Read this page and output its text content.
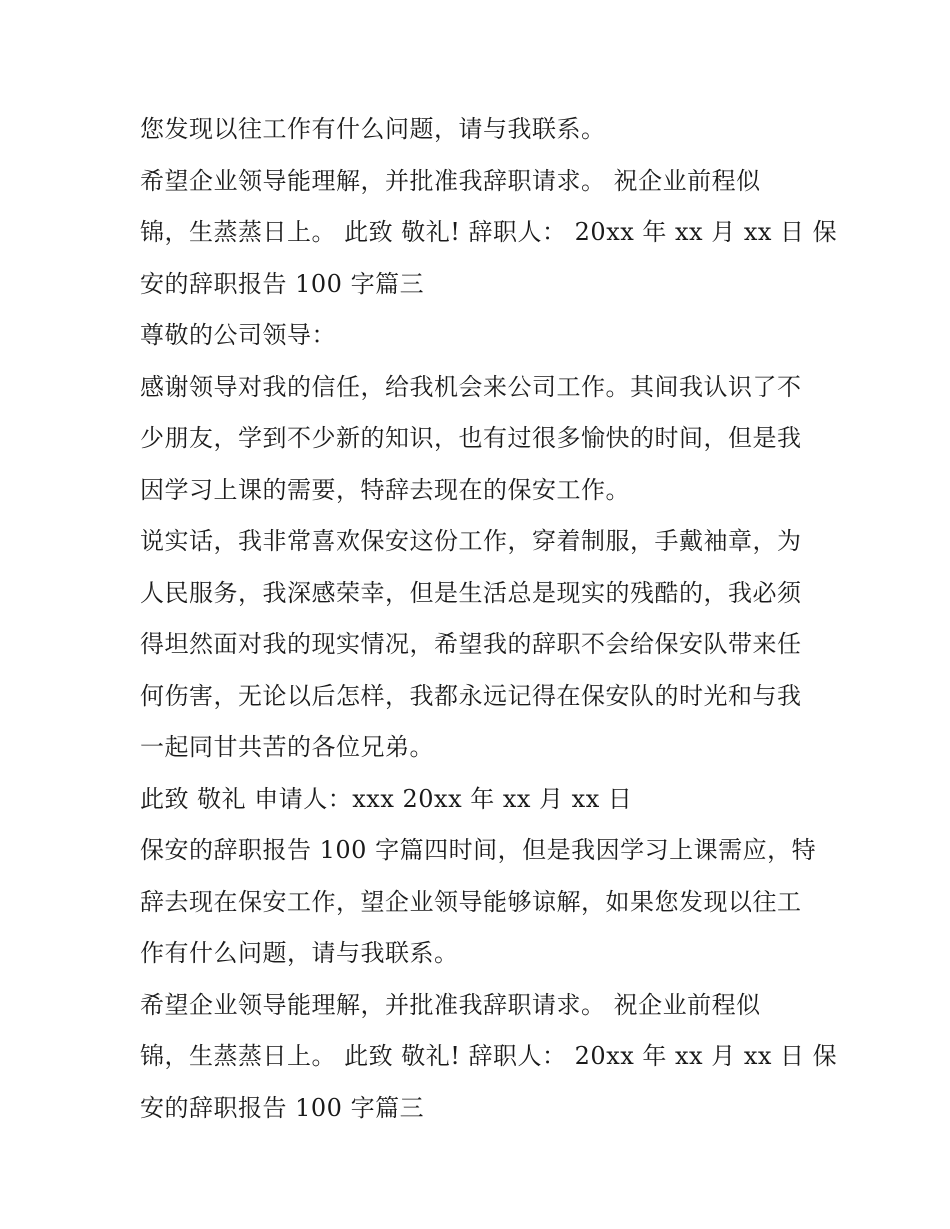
您发现以往工作有什么问题，请与我联系。
希望企业领导能理解，并批准我辞职请求。 祝企业前程似
锦，生蒸蒸日上。 此致 敬礼! 辞职人： 20xx 年 xx 月 xx 日 保
安的辞职报告 100 字篇三
尊敬的公司领导：
感谢领导对我的信任，给我机会来公司工作。其间我认识了不
少朋友，学到不少新的知识，也有过很多愉快的时间，但是我
因学习上课的需要，特辞去现在的保安工作。
说实话，我非常喜欢保安这份工作，穿着制服，手戴袖章，为
人民服务，我深感荣幸，但是生活总是现实的残酷的，我必须
得坦然面对我的现实情况，希望我的辞职不会给保安队带来任
何伤害，无论以后怎样，我都永远记得在保安队的时光和与我
一起同甘共苦的各位兄弟。
此致 敬礼 申请人：xxx 20xx 年 xx 月 xx 日
保安的辞职报告 100 字篇四时间，但是我因学习上课需应，特
辞去现在保安工作，望企业领导能够谅解，如果您发现以往工
作有什么问题，请与我联系。
希望企业领导能理解，并批准我辞职请求。 祝企业前程似
锦，生蒸蒸日上。 此致 敬礼! 辞职人： 20xx 年 xx 月 xx 日 保
安的辞职报告 100 字篇三
